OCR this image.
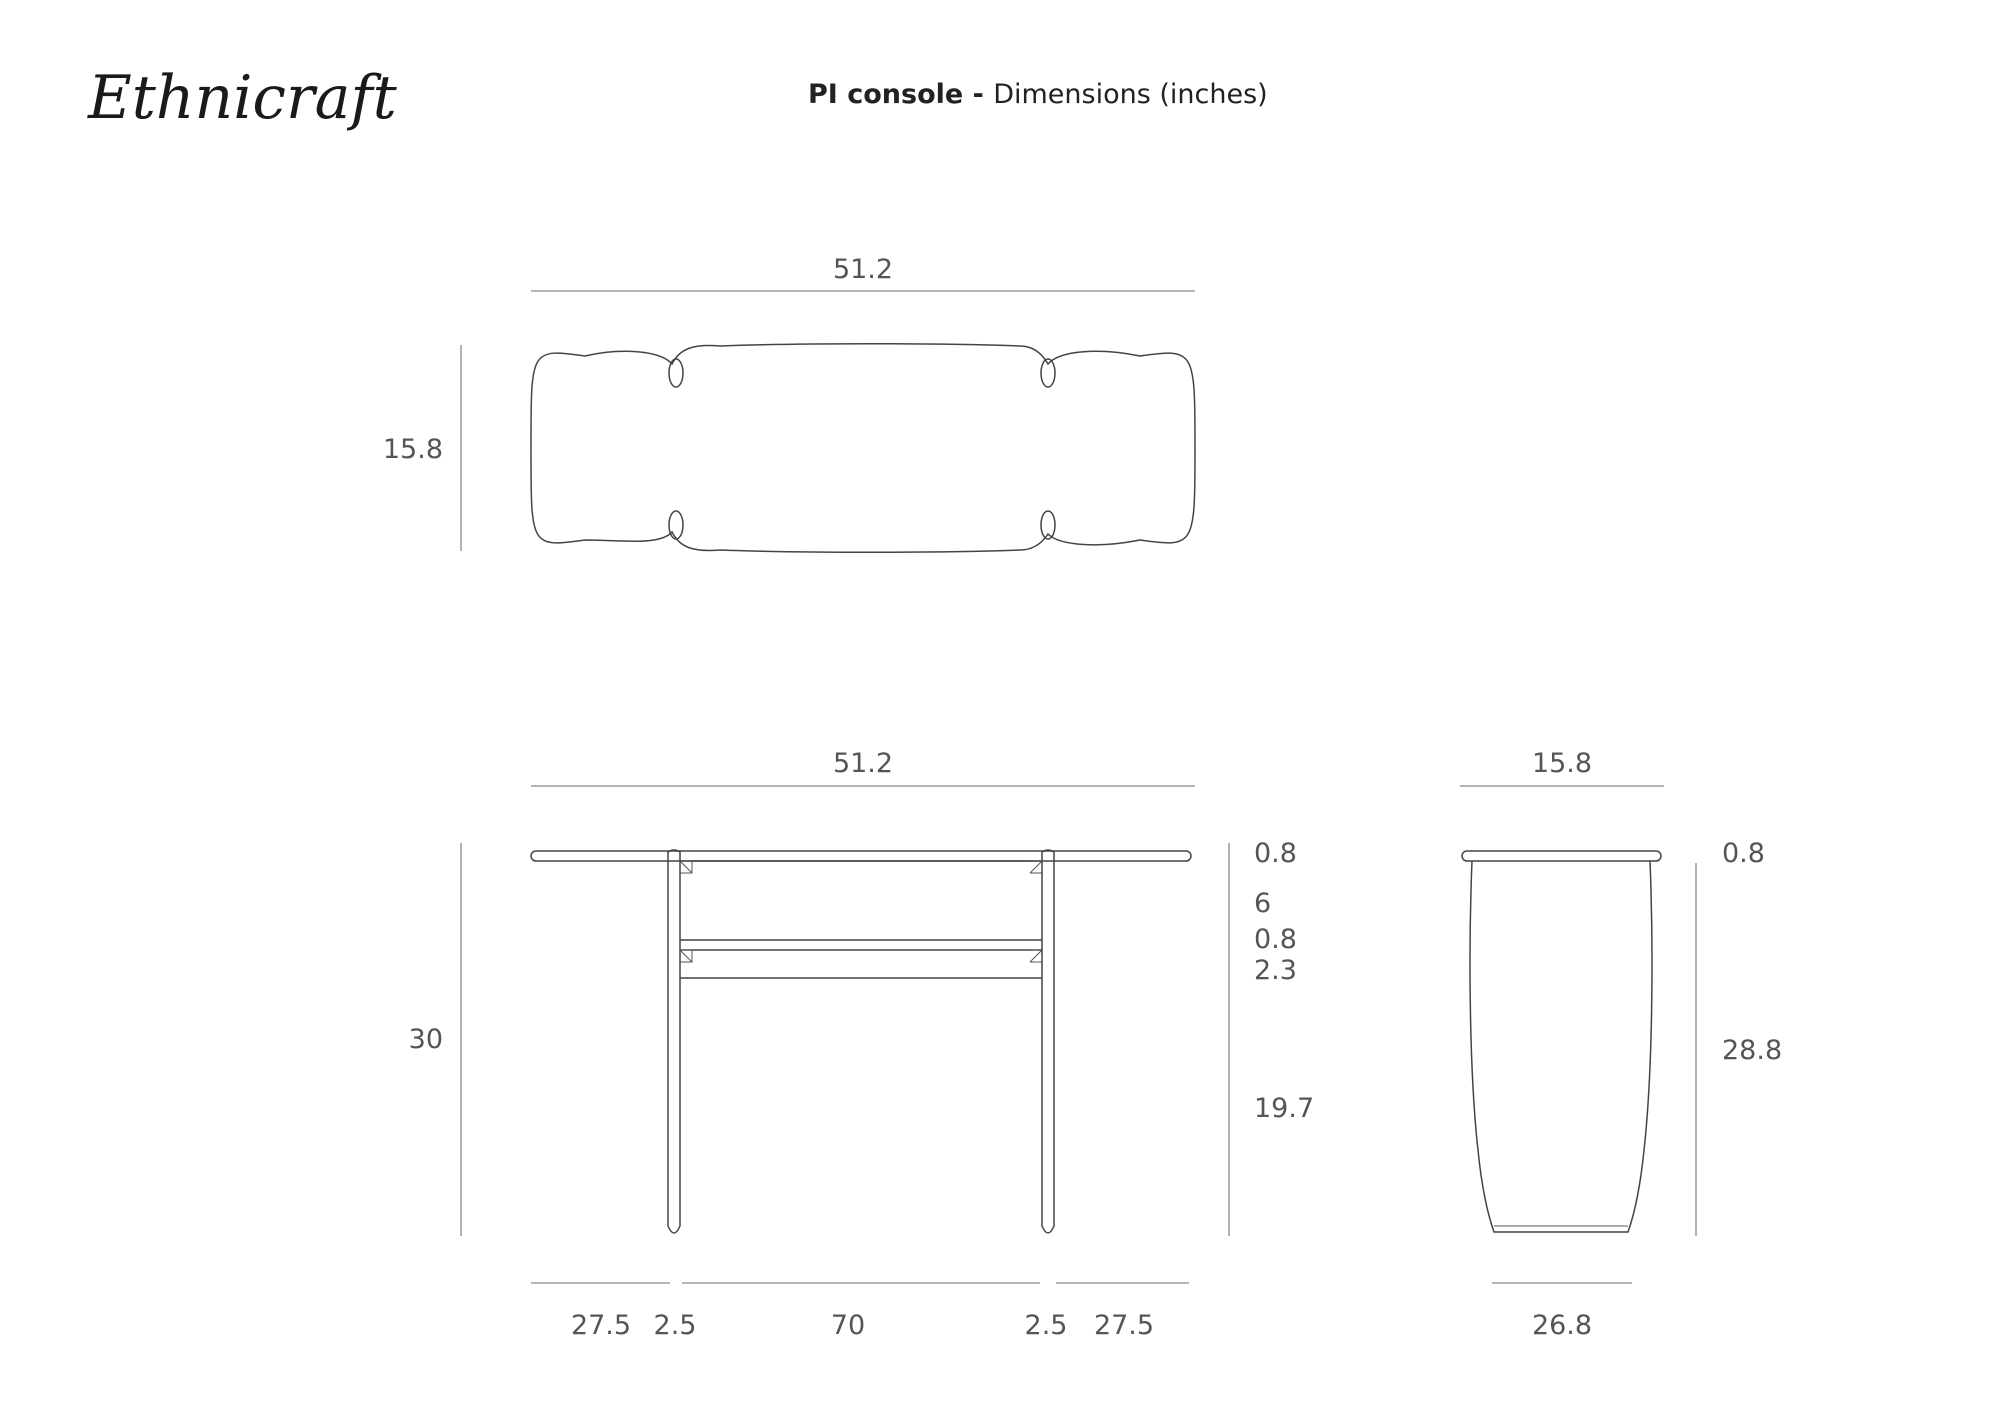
Ethnicraft	PI console - Dimensions (inches)
51.2
15.8
51.2
30
0.8
6
0.8
2.3
19.7
27.5 2.5	70	2.5 27.5
15.8
0.8
28.8
26.8
